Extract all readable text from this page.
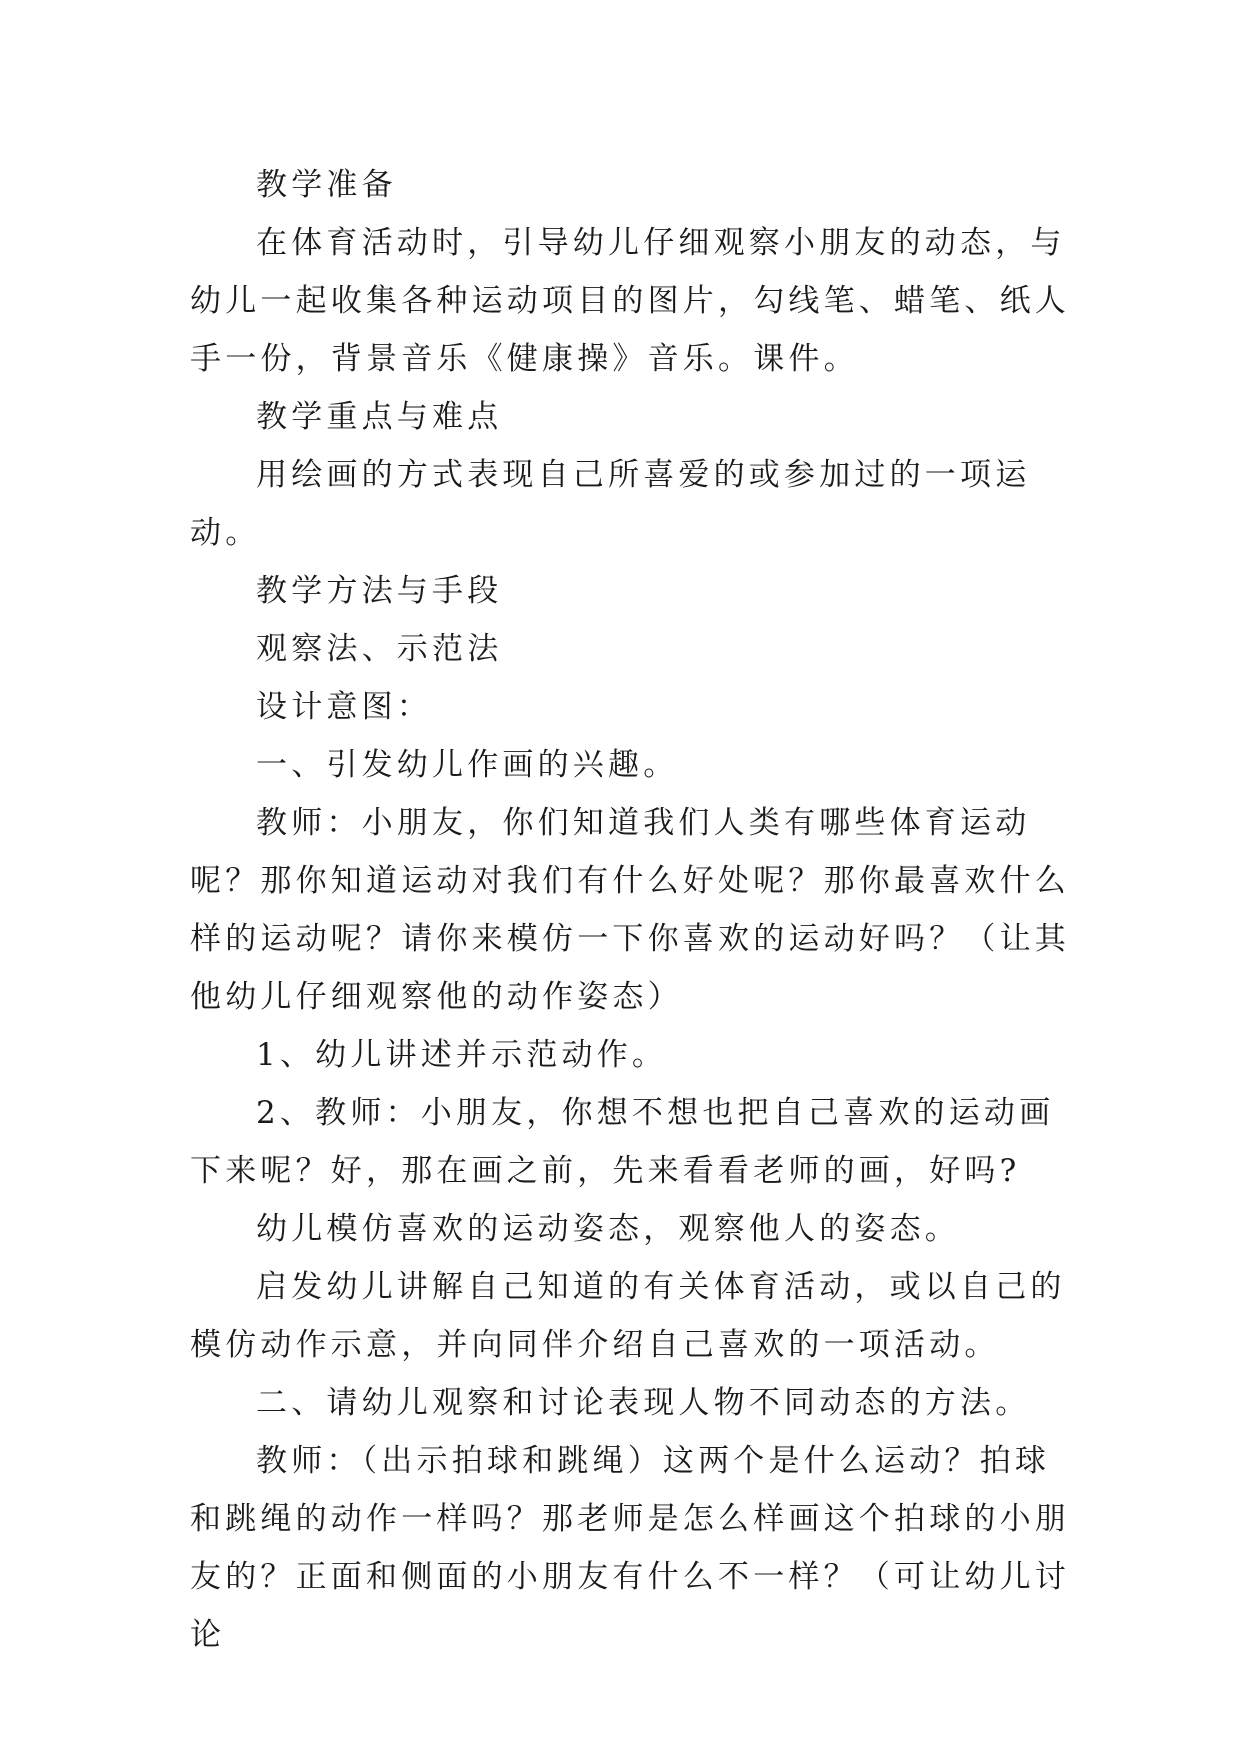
教学准备

在体育活动时，引导幼儿仔细观察小朋友的动态，与幼儿一起收集各种运动项目的图片，勾线笔、蜡笔、纸人手一份，背景音乐《健康操》音乐。课件。

教学重点与难点

用绘画的方式表现自己所喜爱的或参加过的一项运动。

教学方法与手段

观察法、示范法

设计意图：

一、引发幼儿作画的兴趣。

教师：小朋友，你们知道我们人类有哪些体育运动呢？那你知道运动对我们有什么好处呢？那你最喜欢什么样的运动呢？请你来模仿一下你喜欢的运动好吗？（让其他幼儿仔细观察他的动作姿态）

1、幼儿讲述并示范动作。

2、教师：小朋友，你想不想也把自己喜欢的运动画下来呢？好，那在画之前，先来看看老师的画，好吗?

幼儿模仿喜欢的运动姿态，观察他人的姿态。

启发幼儿讲解自己知道的有关体育活动，或以自己的模仿动作示意，并向同伴介绍自己喜欢的一项活动。

二、请幼儿观察和讨论表现人物不同动态的方法。

教师：（出示拍球和跳绳）这两个是什么运动？拍球和跳绳的动作一样吗？那老师是怎么样画这个拍球的小朋友的？正面和侧面的小朋友有什么不一样？（可让幼儿讨论
